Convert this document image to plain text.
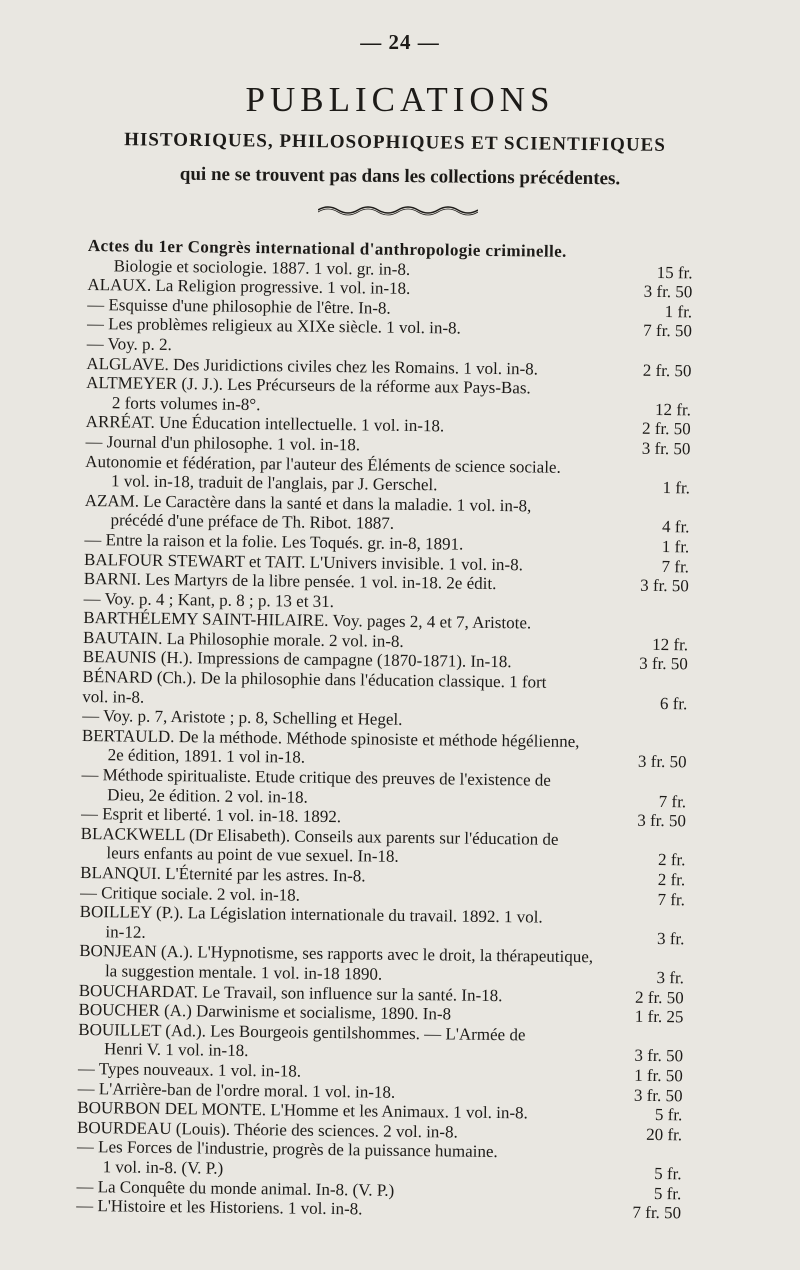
— 24 —
PUBLICATIONS
HISTORIQUES, PHILOSOPHIQUES ET SCIENTIFIQUES
qui ne se trouvent pas dans les collections précédentes.
Actes du 1er Congrès international d'anthropologie criminelle.
Biologie et sociologie. 1887. 1 vol. gr. in-8.	15 fr.
ALAUX. La Religion progressive. 1 vol. in-18.	3 fr. 50
— Esquisse d'une philosophie de l'être. In-8.	1 fr.
— Les problèmes religieux au XIXe siècle. 1 vol. in-8.	7 fr. 50
— Voy. p. 2.
ALGLAVE. Des Juridictions civiles chez les Romains. 1 vol. in-8.	2 fr. 50
ALTMEYER (J. J.). Les Précurseurs de la réforme aux Pays-Bas.
2 forts volumes in-8°.	12 fr.
ARRÉAT. Une Éducation intellectuelle. 1 vol. in-18.	2 fr. 50
— Journal d'un philosophe. 1 vol. in-18.	3 fr. 50
Autonomie et fédération, par l'auteur des Éléments de science sociale.
1 vol. in-18, traduit de l'anglais, par J. Gerschel.	1 fr.
AZAM. Le Caractère dans la santé et dans la maladie. 1 vol. in-8,
précédé d'une préface de Th. Ribot. 1887.	4 fr.
— Entre la raison et la folie. Les Toqués. gr. in-8, 1891.	1 fr.
BALFOUR STEWART et TAIT. L'Univers invisible. 1 vol. in-8.	7 fr.
BARNI. Les Martyrs de la libre pensée. 1 vol. in-18. 2e édit.	3 fr. 50
— Voy. p. 4 ; Kant, p. 8 ; p. 13 et 31.
BARTHÉLEMY SAINT-HILAIRE. Voy. pages 2, 4 et 7, Aristote.
BAUTAIN. La Philosophie morale. 2 vol. in-8.	12 fr.
BEAUNIS (H.). Impressions de campagne (1870-1871). In-18.	3 fr. 50
BÉNARD (Ch.). De la philosophie dans l'éducation classique. 1 fort
vol. in-8.	6 fr.
— Voy. p. 7, Aristote ; p. 8, Schelling et Hegel.
BERTAULD. De la méthode. Méthode spinosiste et méthode hégélienne,
2e édition, 1891. 1 vol in-18.	3 fr. 50
— Méthode spiritualiste. Etude critique des preuves de l'existence de
Dieu, 2e édition. 2 vol. in-18.	7 fr.
— Esprit et liberté. 1 vol. in-18. 1892.	3 fr. 50
BLACKWELL (Dr Elisabeth). Conseils aux parents sur l'éducation de
leurs enfants au point de vue sexuel. In-18.	2 fr.
BLANQUI. L'Éternité par les astres. In-8.	2 fr.
— Critique sociale. 2 vol. in-18.	7 fr.
BOILLEY (P.). La Législation internationale du travail. 1892. 1 vol.
in-12.	3 fr.
BONJEAN (A.). L'Hypnotisme, ses rapports avec le droit, la thérapeutique,
la suggestion mentale. 1 vol. in-18 1890.	3 fr.
BOUCHARDAT. Le Travail, son influence sur la santé. In-18.	2 fr. 50
BOUCHER (A.) Darwinisme et socialisme, 1890. In-8	1 fr. 25
BOUILLET (Ad.). Les Bourgeois gentilshommes. — L'Armée de
Henri V. 1 vol. in-18.	3 fr. 50
— Types nouveaux. 1 vol. in-18.	1 fr. 50
— L'Arrière-ban de l'ordre moral. 1 vol. in-18.	3 fr. 50
BOURBON DEL MONTE. L'Homme et les Animaux. 1 vol. in-8.	5 fr.
BOURDEAU (Louis). Théorie des sciences. 2 vol. in-8.	20 fr.
— Les Forces de l'industrie, progrès de la puissance humaine.
1 vol. in-8. (V. P.)	5 fr.
— La Conquête du monde animal. In-8. (V. P.)	5 fr.
— L'Histoire et les Historiens. 1 vol. in-8.	7 fr. 50
